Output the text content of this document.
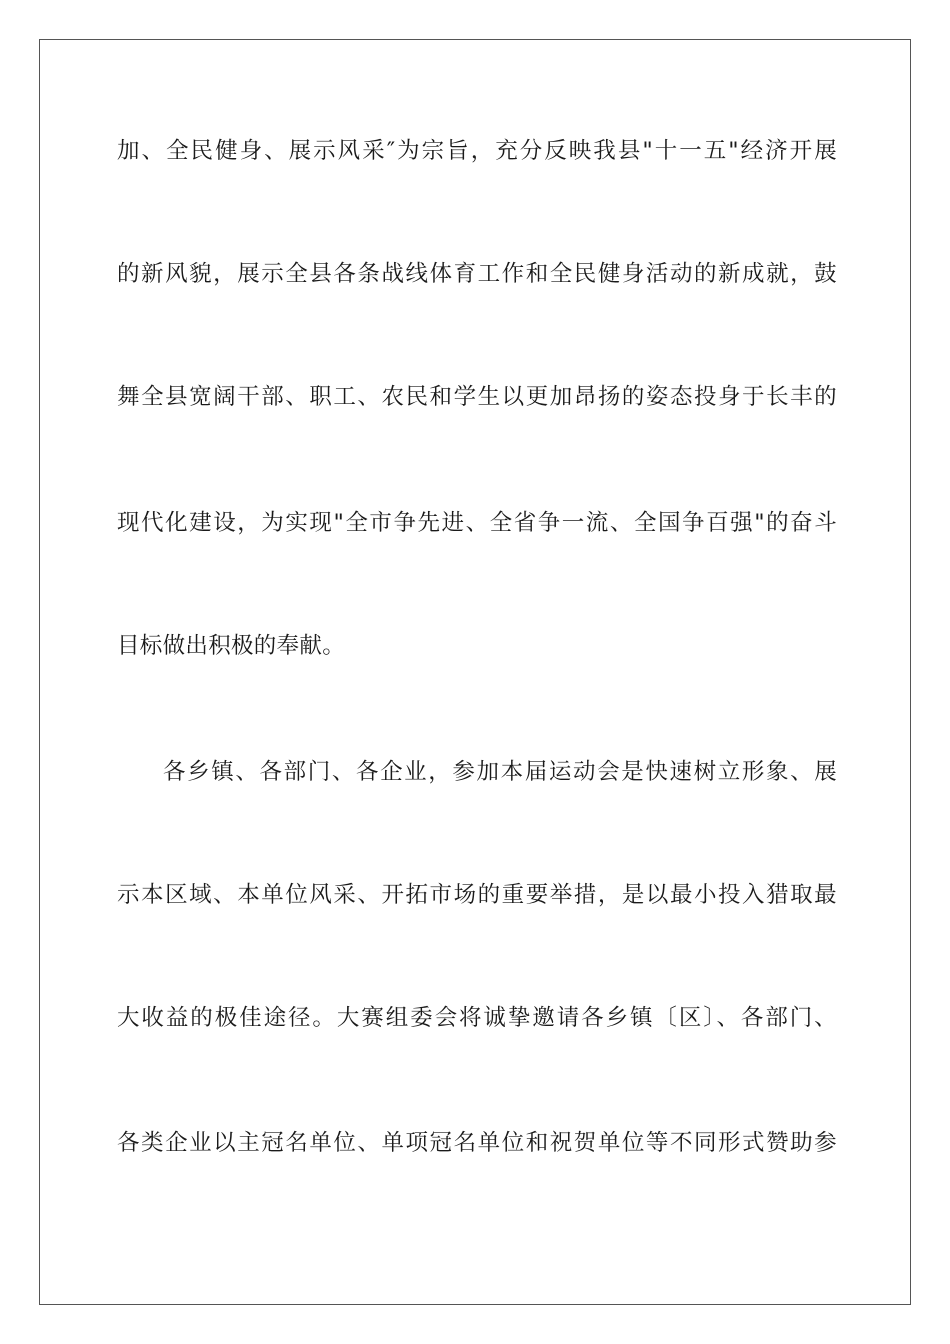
加、全民健身、展示风采″为宗旨，充分反映我县"十一五"经济开展
的新风貌，展示全县各条战线体育工作和全民健身活动的新成就，鼓
舞全县宽阔干部、职工、农民和学生以更加昂扬的姿态投身于长丰的
现代化建设，为实现"全市争先进、全省争一流、全国争百强"的奋斗
目标做出积极的奉献。
各乡镇、各部门、各企业，参加本届运动会是快速树立形象、展
示本区域、本单位风采、开拓市场的重要举措，是以最小投入猎取最
大收益的极佳途径。大赛组委会将诚挚邀请各乡镇〔区〕、各部门、
各类企业以主冠名单位、单项冠名单位和祝贺单位等不同形式赞助参
